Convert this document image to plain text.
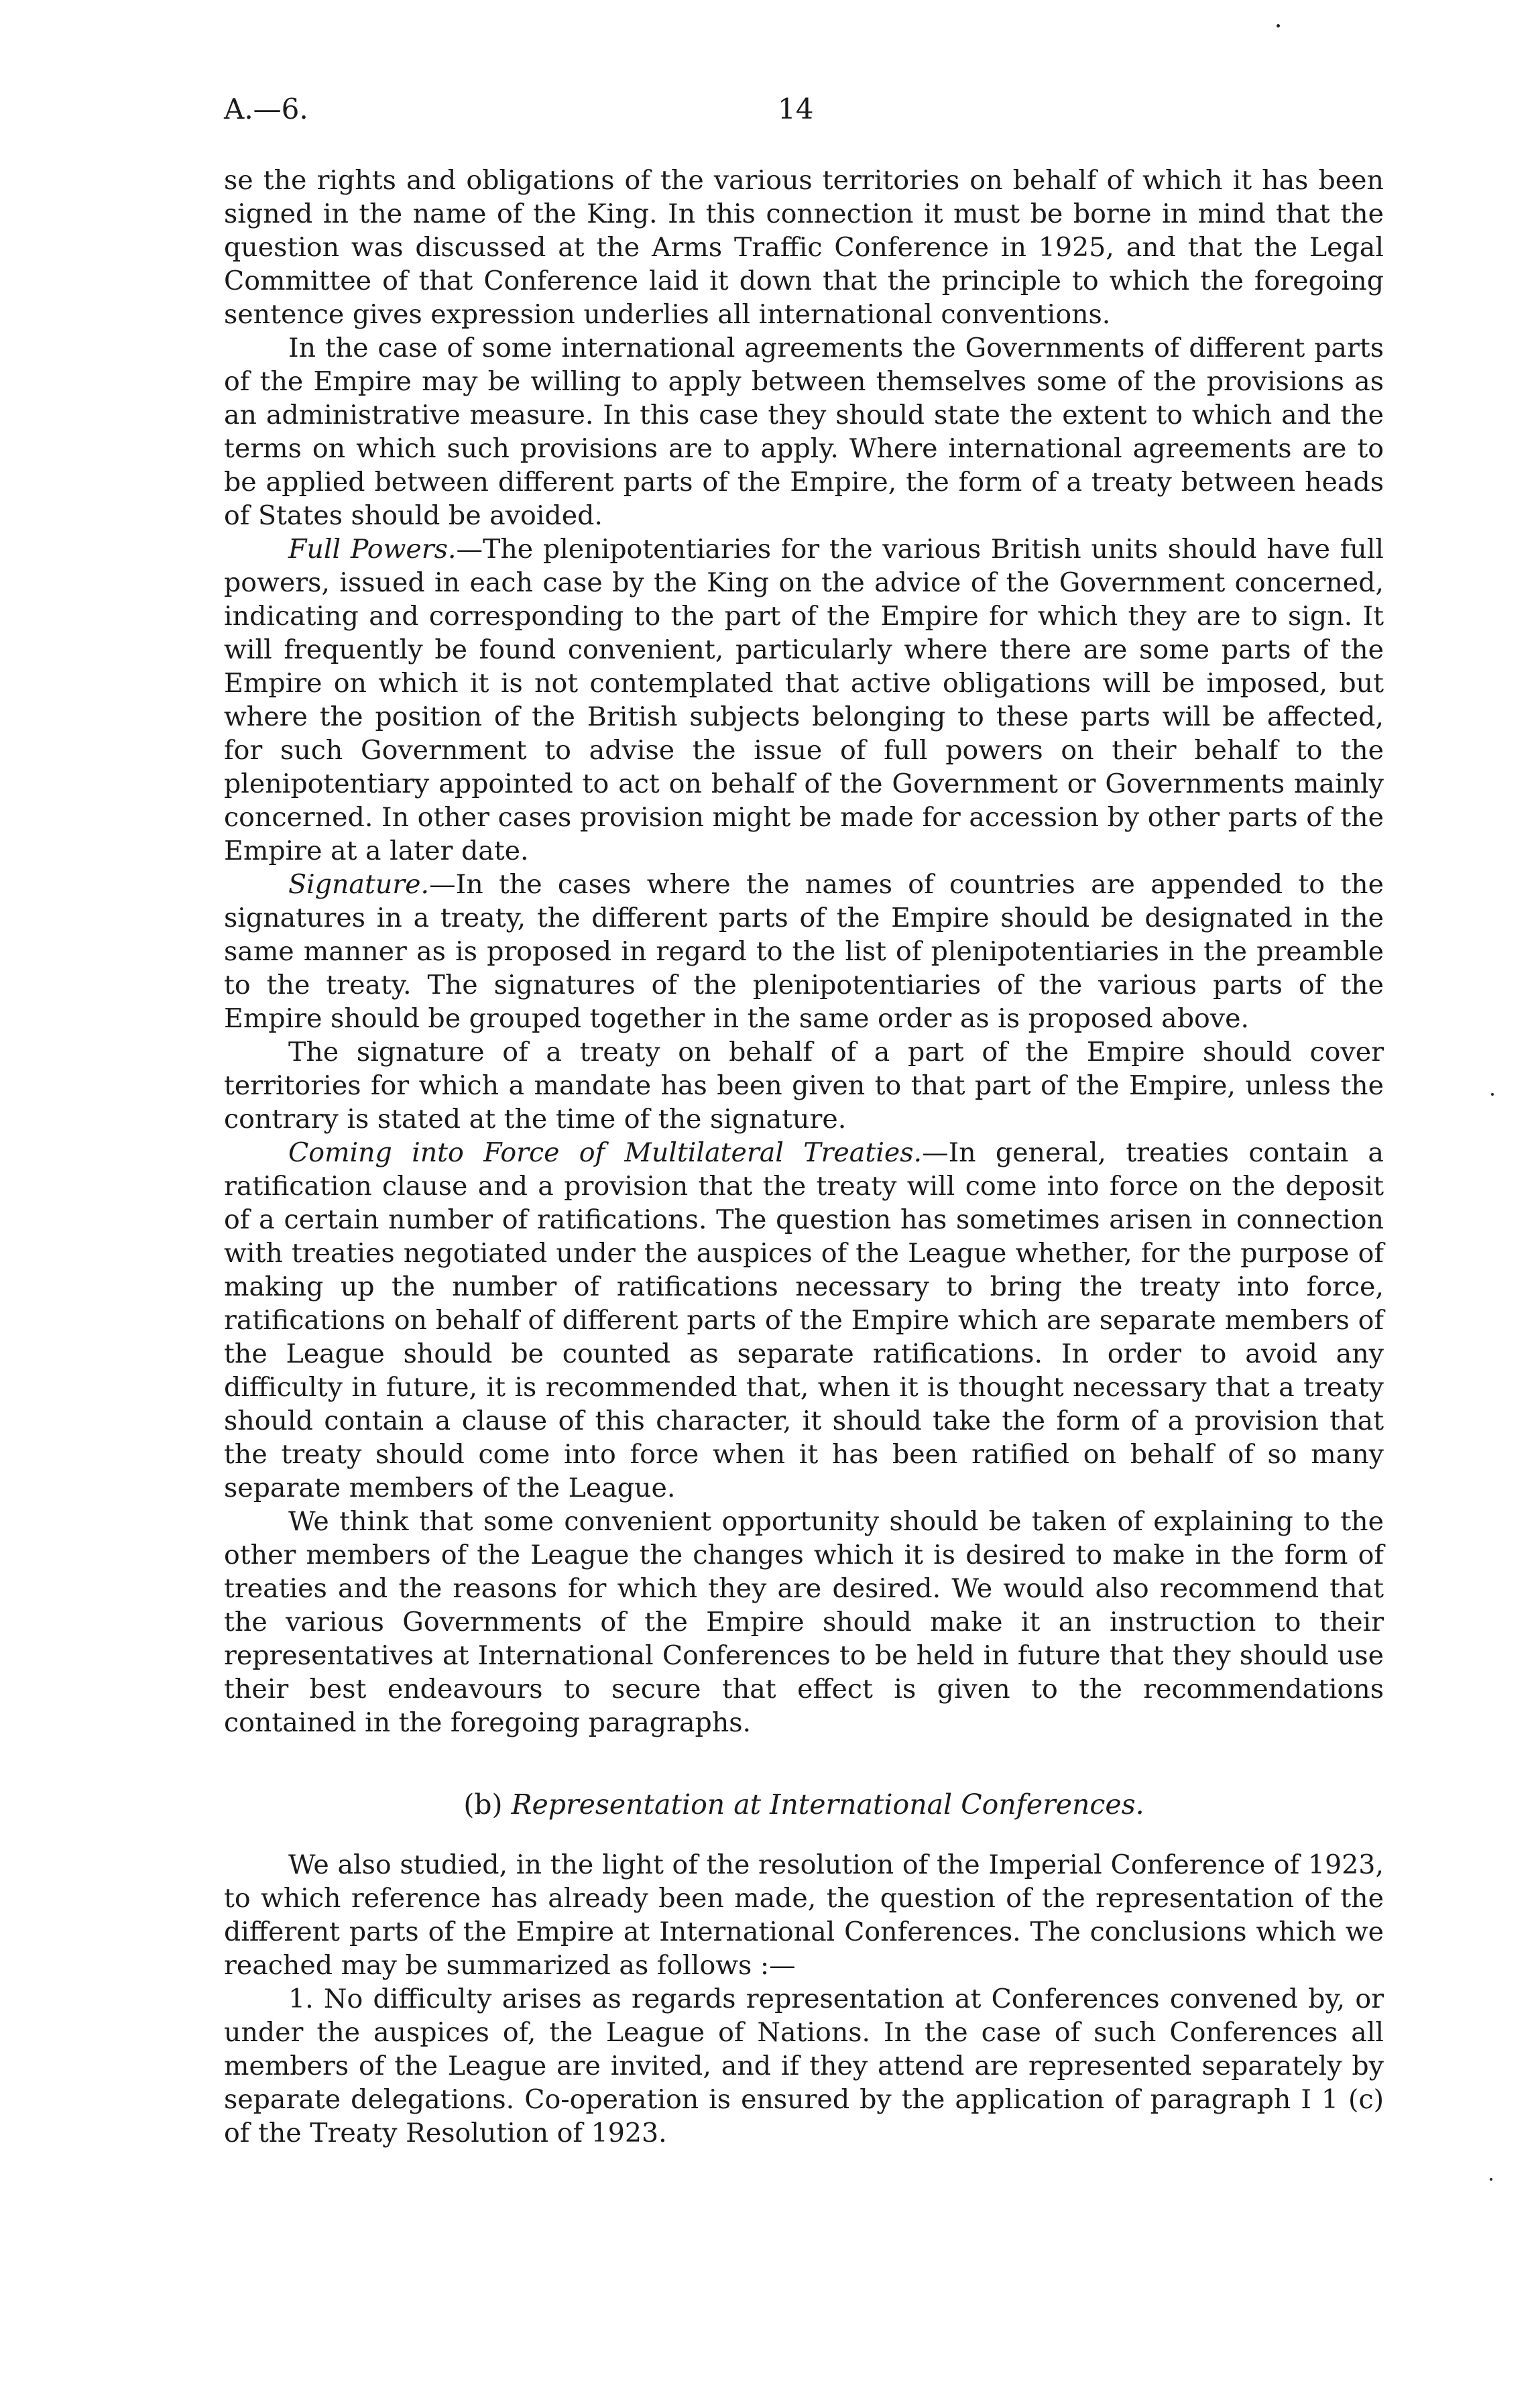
A.—6.	14

se the rights and obligations of the various territories on behalf of which it has been signed in the name of the King. In this connection it must be borne in mind that the question was discussed at the Arms Traffic Conference in 1925, and that the Legal Committee of that Conference laid it down that the principle to which the foregoing sentence gives expression underlies all international conventions.

In the case of some international agreements the Governments of different parts of the Empire may be willing to apply between themselves some of the provisions as an administrative measure. In this case they should state the extent to which and the terms on which such provisions are to apply. Where international agreements are to be applied between different parts of the Empire, the form of a treaty between heads of States should be avoided.

Full Powers.—The plenipotentiaries for the various British units should have full powers, issued in each case by the King on the advice of the Government concerned, indicating and corresponding to the part of the Empire for which they are to sign. It will frequently be found convenient, particularly where there are some parts of the Empire on which it is not contemplated that active obligations will be imposed, but where the position of the British subjects belonging to these parts will be affected, for such Government to advise the issue of full powers on their behalf to the plenipotentiary appointed to act on behalf of the Government or Governments mainly concerned. In other cases provision might be made for accession by other parts of the Empire at a later date.

Signature.—In the cases where the names of countries are appended to the signatures in a treaty, the different parts of the Empire should be designated in the same manner as is proposed in regard to the list of plenipotentiaries in the preamble to the treaty. The signatures of the plenipotentiaries of the various parts of the Empire should be grouped together in the same order as is proposed above.

The signature of a treaty on behalf of a part of the Empire should cover territories for which a mandate has been given to that part of the Empire, unless the contrary is stated at the time of the signature.

Coming into Force of Multilateral Treaties.—In general, treaties contain a ratification clause and a provision that the treaty will come into force on the deposit of a certain number of ratifications. The question has sometimes arisen in connection with treaties negotiated under the auspices of the League whether, for the purpose of making up the number of ratifications necessary to bring the treaty into force, ratifications on behalf of different parts of the Empire which are separate members of the League should be counted as separate ratifications. In order to avoid any difficulty in future, it is recommended that, when it is thought necessary that a treaty should contain a clause of this character, it should take the form of a provision that the treaty should come into force when it has been ratified on behalf of so many separate members of the League.

We think that some convenient opportunity should be taken of explaining to the other members of the League the changes which it is desired to make in the form of treaties and the reasons for which they are desired. We would also recommend that the various Governments of the Empire should make it an instruction to their representatives at International Conferences to be held in future that they should use their best endeavours to secure that effect is given to the recommendations contained in the foregoing paragraphs.

(b) Representation at International Conferences.

We also studied, in the light of the resolution of the Imperial Conference of 1923, to which reference has already been made, the question of the representation of the different parts of the Empire at International Conferences. The conclusions which we reached may be summarized as follows :—

1. No difficulty arises as regards representation at Conferences convened by, or under the auspices of, the League of Nations. In the case of such Conferences all members of the League are invited, and if they attend are represented separately by separate delegations. Co-operation is ensured by the application of paragraph I 1 (c) of the Treaty Resolution of 1923.
